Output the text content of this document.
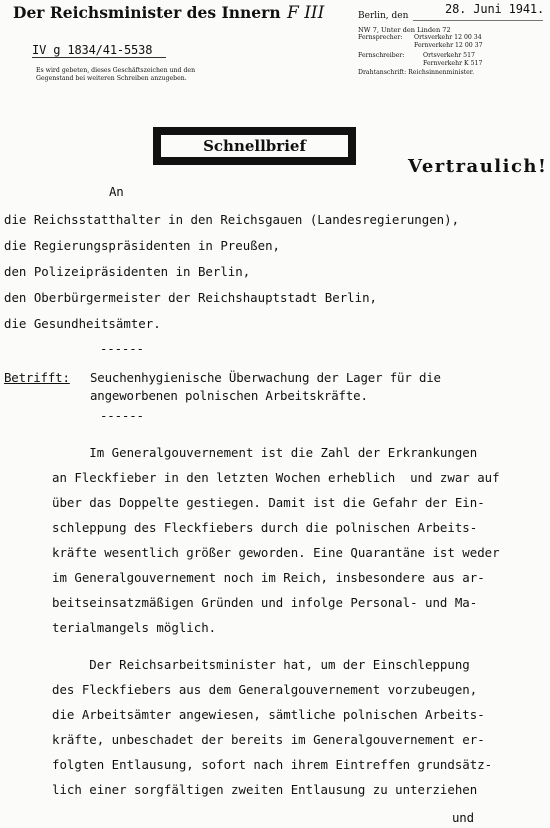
Der Reichsminister des Innern F III
IV g 1834/41-5538
Es wird gebeten, dieses Geschäftszeichen und den
Gegenstand bei weiteren Schreiben anzugeben.
Berlin, den	28. Juni 1941.
NW 7, Unter den Linden 72
Fernsprecher: Ortsverkehr 12 00 34
Fernverkehr 12 00 37
Fernschreiber:	Ortsverkehr 517
Fernverkehr K 517
Drahtanschrift: Reichsinnenminister.
Schnellbrief
Vertraulich!
An
die Reichsstatthalter in den Reichsgauen (Landesregierungen),
die Regierungspräsidenten in Preußen,
den Polizeipräsidenten in Berlin,
den Oberbürgermeister der Reichshauptstadt Berlin,
die Gesundheitsämter.
------
Betrifft: Seuchenhygienische Überwachung der Lager für die
angeworbenen polnischen Arbeitskräfte.
------
Im Generalgouvernement ist die Zahl der Erkrankungen
an Fleckfieber in den letzten Wochen erheblich  und zwar auf
über das Doppelte gestiegen. Damit ist die Gefahr der Ein-
schleppung des Fleckfiebers durch die polnischen Arbeits-
kräfte wesentlich größer geworden. Eine Quarantäne ist weder
im Generalgouvernement noch im Reich, insbesondere aus ar-
beitseinsatzmäßigen Gründen und infolge Personal- und Ma-
terialmangels möglich.
Der Reichsarbeitsminister hat, um der Einschleppung
des Fleckfiebers aus dem Generalgouvernement vorzubeugen,
die Arbeitsämter angewiesen, sämtliche polnischen Arbeits-
kräfte, unbeschadet der bereits im Generalgouvernement er-
folgten Entlausung, sofort nach ihrem Eintreffen grundsätz-
lich einer sorgfältigen zweiten Entlausung zu unterziehen
und
